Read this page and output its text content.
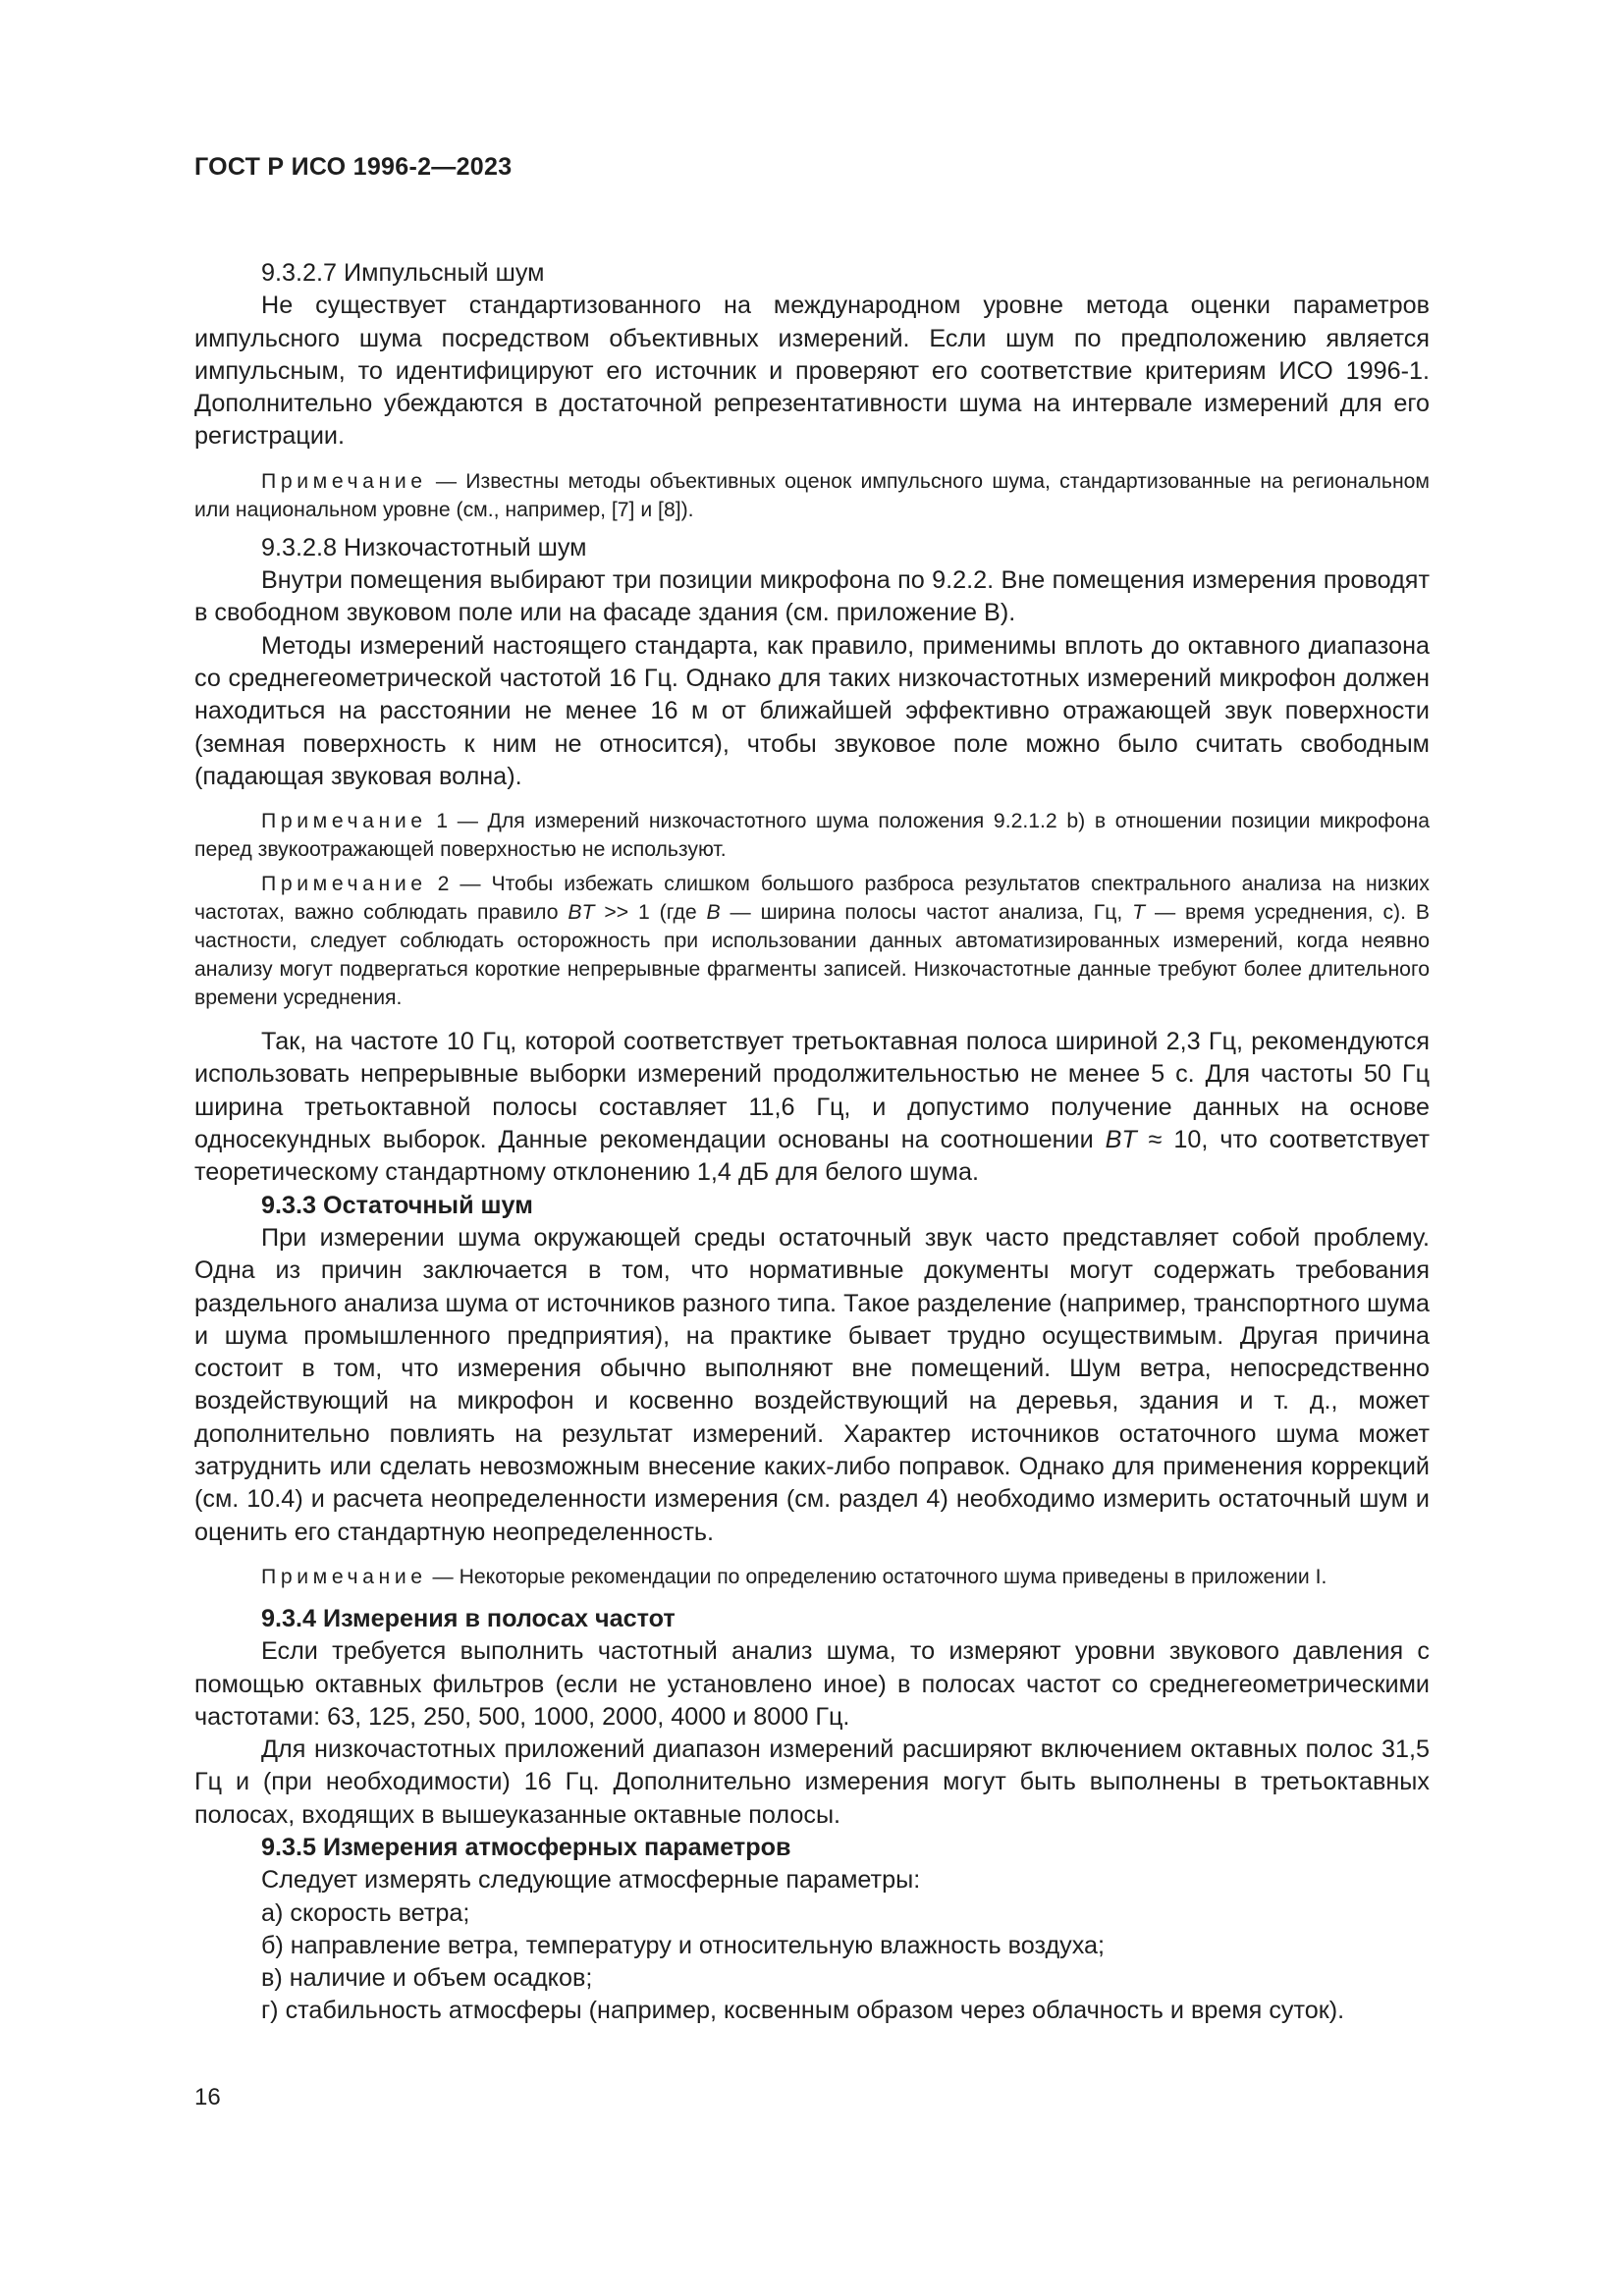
ГОСТ Р ИСО 1996-2—2023

9.3.2.7 Импульсный шум

Не существует стандартизованного на международном уровне метода оценки параметров импульсного шума посредством объективных измерений. Если шум по предположению является импульсным, то идентифицируют его источник и проверяют его соответствие критериям ИСО 1996-1. Дополнительно убеждаются в достаточной репрезентативности шума на интервале измерений для его регистрации.

Примечание — Известны методы объективных оценок импульсного шума, стандартизованные на региональном или национальном уровне (см., например, [7] и [8]).

9.3.2.8 Низкочастотный шум

Внутри помещения выбирают три позиции микрофона по 9.2.2. Вне помещения измерения проводят в свободном звуковом поле или на фасаде здания (см. приложение B).

Методы измерений настоящего стандарта, как правило, применимы вплоть до октавного диапазона со среднегеометрической частотой 16 Гц. Однако для таких низкочастотных измерений микрофон должен находиться на расстоянии не менее 16 м от ближайшей эффективно отражающей звук поверхности (земная поверхность к ним не относится), чтобы звуковое поле можно было считать свободным (падающая звуковая волна).

Примечание 1 — Для измерений низкочастотного шума положения 9.2.1.2 b) в отношении позиции микрофона перед звукоотражающей поверхностью не используют.

Примечание 2 — Чтобы избежать слишком большого разброса результатов спектрального анализа на низких частотах, важно соблюдать правило BT >> 1 (где B — ширина полосы частот анализа, Гц, T — время усреднения, с). В частности, следует соблюдать осторожность при использовании данных автоматизированных измерений, когда неявно анализу могут подвергаться короткие непрерывные фрагменты записей. Низкочастотные данные требуют более длительного времени усреднения.

Так, на частоте 10 Гц, которой соответствует третьоктавная полоса шириной 2,3 Гц, рекомендуются использовать непрерывные выборки измерений продолжительностью не менее 5 с. Для частоты 50 Гц ширина третьоктавной полосы составляет 11,6 Гц, и допустимо получение данных на основе односекундных выборок. Данные рекомендации основаны на соотношении BT ≈ 10, что соответствует теоретическому стандартному отклонению 1,4 дБ для белого шума.

9.3.3 Остаточный шум

При измерении шума окружающей среды остаточный звук часто представляет собой проблему. Одна из причин заключается в том, что нормативные документы могут содержать требования раздельного анализа шума от источников разного типа. Такое разделение (например, транспортного шума и шума промышленного предприятия), на практике бывает трудно осуществимым. Другая причина состоит в том, что измерения обычно выполняют вне помещений. Шум ветра, непосредственно воздействующий на микрофон и косвенно воздействующий на деревья, здания и т. д., может дополнительно повлиять на результат измерений. Характер источников остаточного шума может затруднить или сделать невозможным внесение каких-либо поправок. Однако для применения коррекций (см. 10.4) и расчета неопределенности измерения (см. раздел 4) необходимо измерить остаточный шум и оценить его стандартную неопределенность.

Примечание — Некоторые рекомендации по определению остаточного шума приведены в приложении I.

9.3.4 Измерения в полосах частот

Если требуется выполнить частотный анализ шума, то измеряют уровни звукового давления с помощью октавных фильтров (если не установлено иное) в полосах частот со среднегеометрическими частотами: 63, 125, 250, 500, 1000, 2000, 4000 и 8000 Гц.

Для низкочастотных приложений диапазон измерений расширяют включением октавных полос 31,5 Гц и (при необходимости) 16 Гц. Дополнительно измерения могут быть выполнены в третьоктавных полосах, входящих в вышеуказанные октавные полосы.

9.3.5 Измерения атмосферных параметров

Следует измерять следующие атмосферные параметры:

а) скорость ветра;

б) направление ветра, температуру и относительную влажность воздуха;

в) наличие и объем осадков;

г) стабильность атмосферы (например, косвенным образом через облачность и время суток).

16
